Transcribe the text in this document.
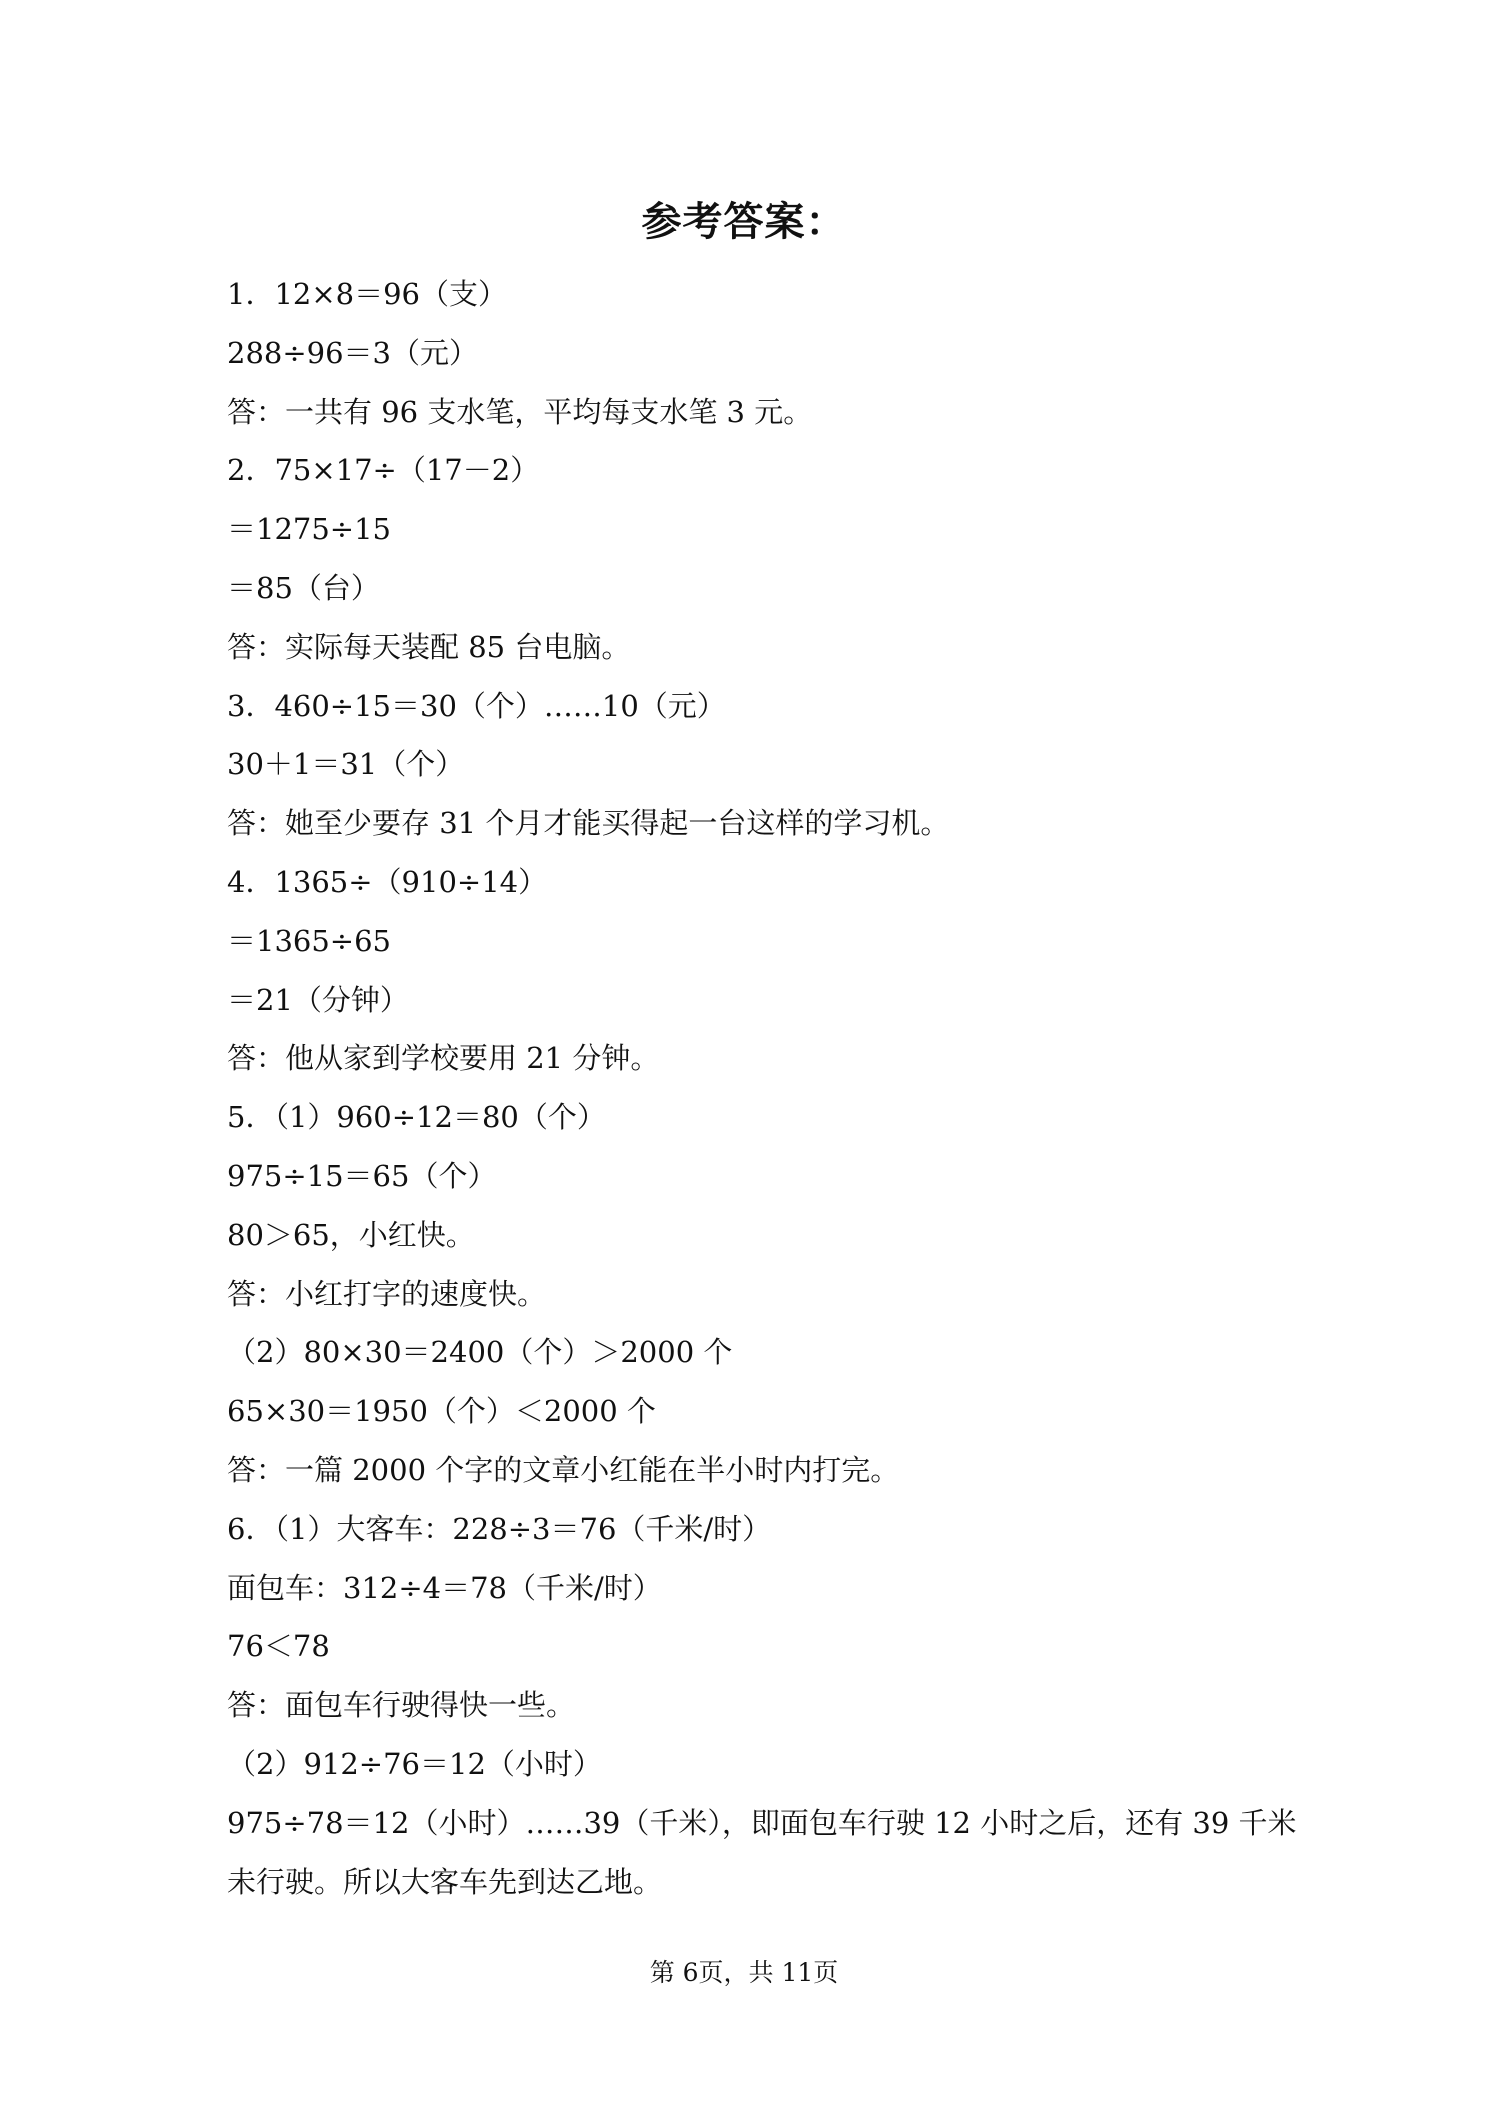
参考答案：
1．12×8＝96（支）
288÷96＝3（元）
答：一共有 96 支水笔，平均每支水笔 3 元。
2．75×17÷（17－2）
＝1275÷15
＝85（台）
答：实际每天装配 85 台电脑。
3．460÷15＝30（个）……10（元）
30＋1＝31（个）
答：她至少要存 31 个月才能买得起一台这样的学习机。
4．1365÷（910÷14）
＝1365÷65
＝21（分钟）
答：他从家到学校要用 21 分钟。
5．（1）960÷12＝80（个）
975÷15＝65（个）
80＞65，小红快。
答：小红打字的速度快。
（2）80×30＝2400（个）＞2000 个
65×30＝1950（个）＜2000 个
答：一篇 2000 个字的文章小红能在半小时内打完。
6．（1）大客车：228÷3＝76（千米/时）
面包车：312÷4＝78（千米/时）
76＜78
答：面包车行驶得快一些。
（2）912÷76＝12（小时）
975÷78＝12（小时）……39（千米），即面包车行驶 12 小时之后，还有 39 千米
未行驶。所以大客车先到达乙地。
第 6页，共 11页
